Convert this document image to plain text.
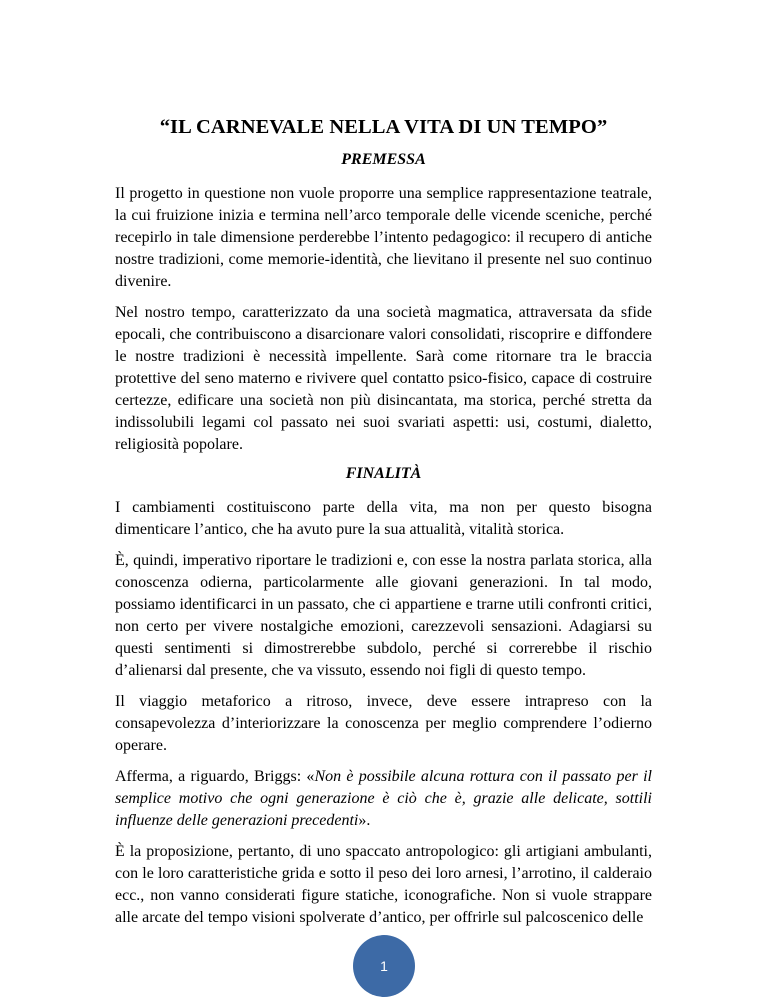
“IL CARNEVALE NELLA VITA DI UN TEMPO”
PREMESSA

Il progetto in questione non vuole proporre una semplice rappresentazione teatrale, la cui fruizione inizia e termina nell’arco temporale delle vicende sceniche, perché recepirlo in tale dimensione perderebbe l’intento pedagogico: il recupero di antiche nostre tradizioni, come memorie-identità, che lievitano il presente nel suo continuo divenire.

Nel nostro tempo, caratterizzato da una società magmatica, attraversata da sfide epocali, che contribuiscono a disarcionare valori consolidati, riscoprire e diffondere le nostre tradizioni è necessità impellente. Sarà come ritornare tra le braccia protettive del seno materno e rivivere quel contatto psico-fisico, capace di costruire certezze, edificare una società non più disincantata, ma storica, perché stretta da indissolubili legami col passato nei suoi svariati aspetti: usi, costumi, dialetto, religiosità popolare.

FINALITÀ

I cambiamenti costituiscono parte della vita, ma non per questo bisogna dimenticare l’antico, che ha avuto pure la sua attualità, vitalità storica.

È, quindi, imperativo riportare le tradizioni e, con esse la nostra parlata storica, alla conoscenza odierna, particolarmente alle giovani generazioni. In tal modo, possiamo identificarci in un passato, che ci appartiene e trarne utili confronti critici, non certo per vivere nostalgiche emozioni, carezzevoli sensazioni. Adagiarsi su questi sentimenti si dimostrerebbe subdolo, perché si correrebbe il rischio d’alienarsi dal presente, che va vissuto, essendo noi figli di questo tempo.

Il viaggio metaforico a ritroso, invece, deve essere intrapreso con la consapevolezza d’interiorizzare la conoscenza per meglio comprendere l’odierno operare.

Afferma, a riguardo, Briggs: «Non è possibile alcuna rottura con il passato per il semplice motivo che ogni generazione è ciò che è, grazie alle delicate, sottili influenze delle generazioni precedenti».

È la proposizione, pertanto, di uno spaccato antropologico: gli artigiani ambulanti, con le loro caratteristiche grida e sotto il peso dei loro arnesi, l’arrotino, il calderaio ecc., non vanno considerati figure statiche, iconografiche. Non si vuole strappare alle arcate del tempo visioni spolverate d’antico, per offrirle sul palcoscenico delle

1
